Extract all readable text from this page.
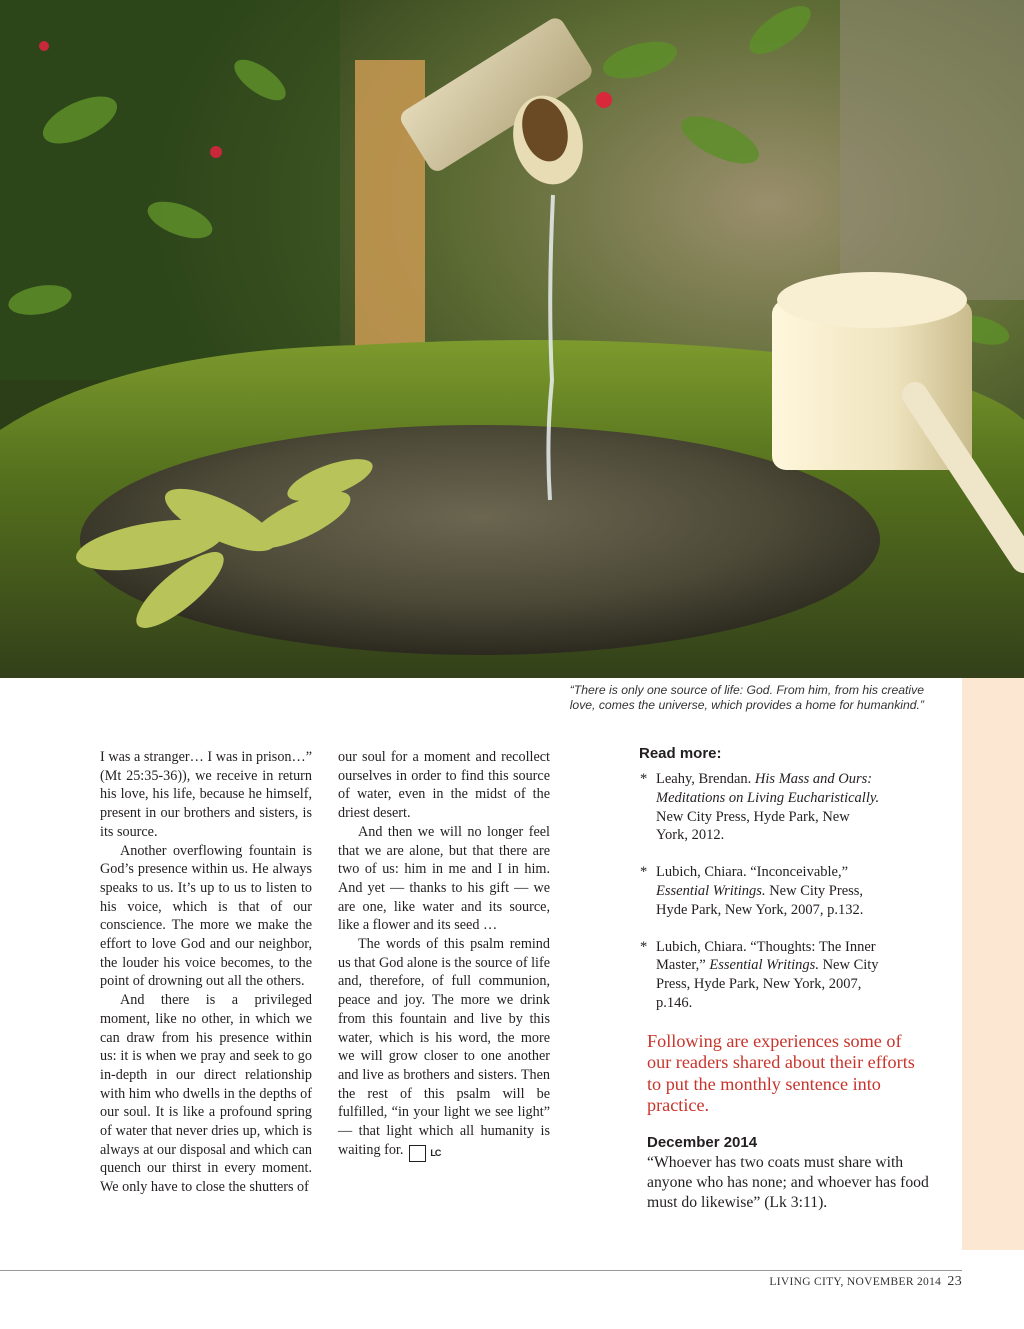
“There is only one source of life: God. From him, from his creative
love, comes the universe, which provides a home for humankind.”

I was a stranger… I was in prison…” (Mt 25:35-36)), we receive in return his love, his life, because he himself, present in our brothers and sisters, is its source.

Another overflowing fountain is God’s presence within us. He always speaks to us. It’s up to us to listen to his voice, which is that of our conscience. The more we make the effort to love God and our neighbor, the louder his voice becomes, to the point of drowning out all the others.

And there is a privileged moment, like no other, in which we can draw from his presence within us: it is when we pray and seek to go in-depth in our direct relationship with him who dwells in the depths of our soul. It is like a profound spring of water that never dries up, which is always at our disposal and which can quench our thirst in every moment. We only have to close the shutters of

our soul for a moment and recollect ourselves in order to find this source of water, even in the midst of the driest desert.

And then we will no longer feel that we are alone, but that there are two of us: him in me and I in him. And yet — thanks to his gift — we are one, like water and its source, like a flower and its seed …

The words of this psalm remind us that God alone is the source of life and, therefore, of full communion, peace and joy. The more we drink from this fountain and live by this water, which is his word, the more we will grow closer to one another and live as brothers and sisters. Then the rest of this psalm will be fulfilled, “in your light we see light” — that light which all humanity is waiting for.	LC

Read more:
* Leahy, Brendan. His Mass and Ours: Meditations on Living Eucharistically. New City Press, Hyde Park, New York, 2012.
* Lubich, Chiara. “Inconceivable,” Essential Writings. New City Press, Hyde Park, New York, 2007, p.132.
* Lubich, Chiara. “Thoughts: The Inner Master,” Essential Writings. New City Press, Hyde Park, New York, 2007, p.146.
Following are experiences some of our readers shared about their efforts to put the monthly sentence into practice.
December 2014
“Whoever has two coats must share with anyone who has none; and whoever has food must do likewise” (Lk 3:11).
LIVING CITY, NOVEMBER 2014 23
